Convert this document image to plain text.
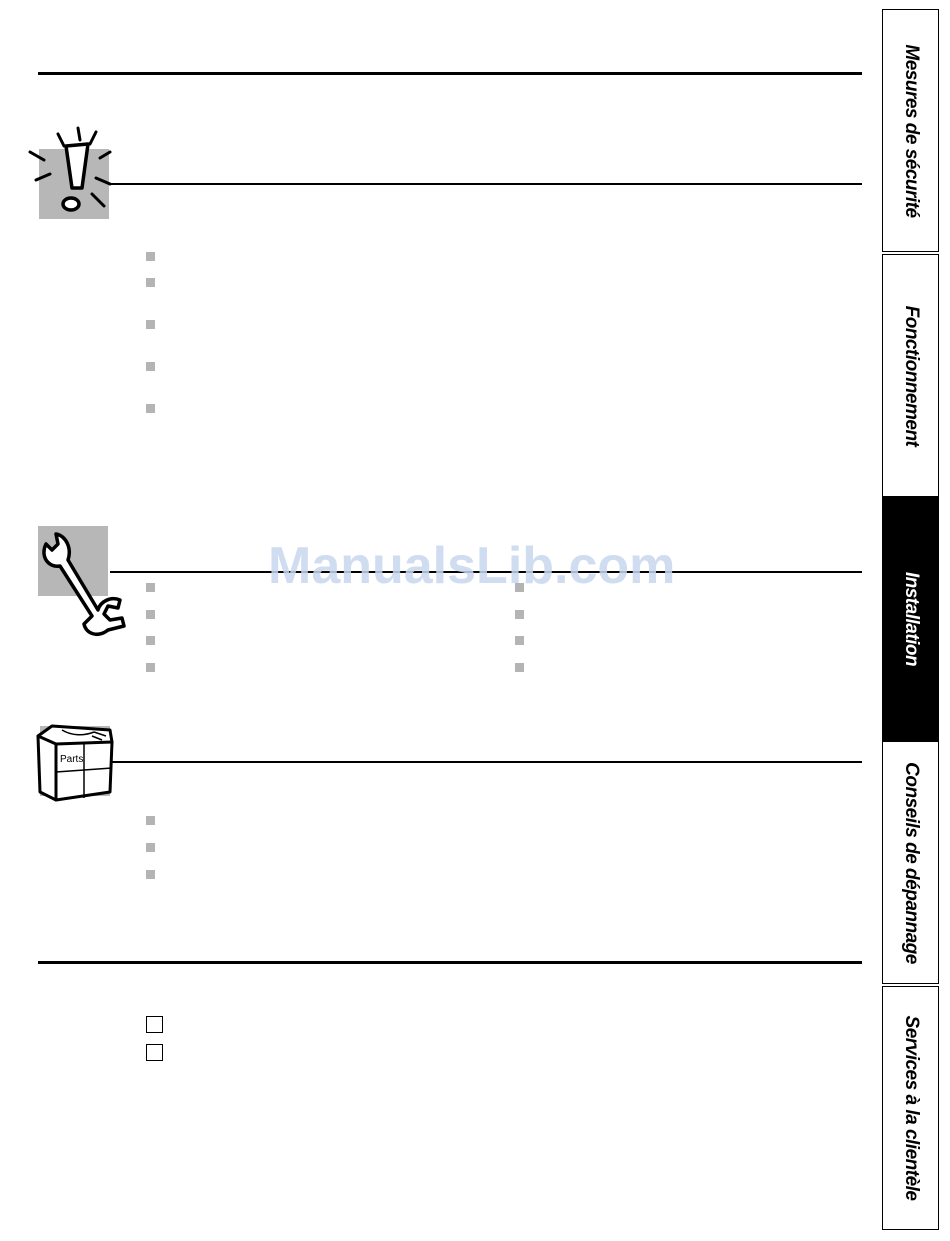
Parts
ManualsLib.com
Mesures de sécurité
Fonctionnement
Installation
Conseils de dépannage
Services à la clientèle
